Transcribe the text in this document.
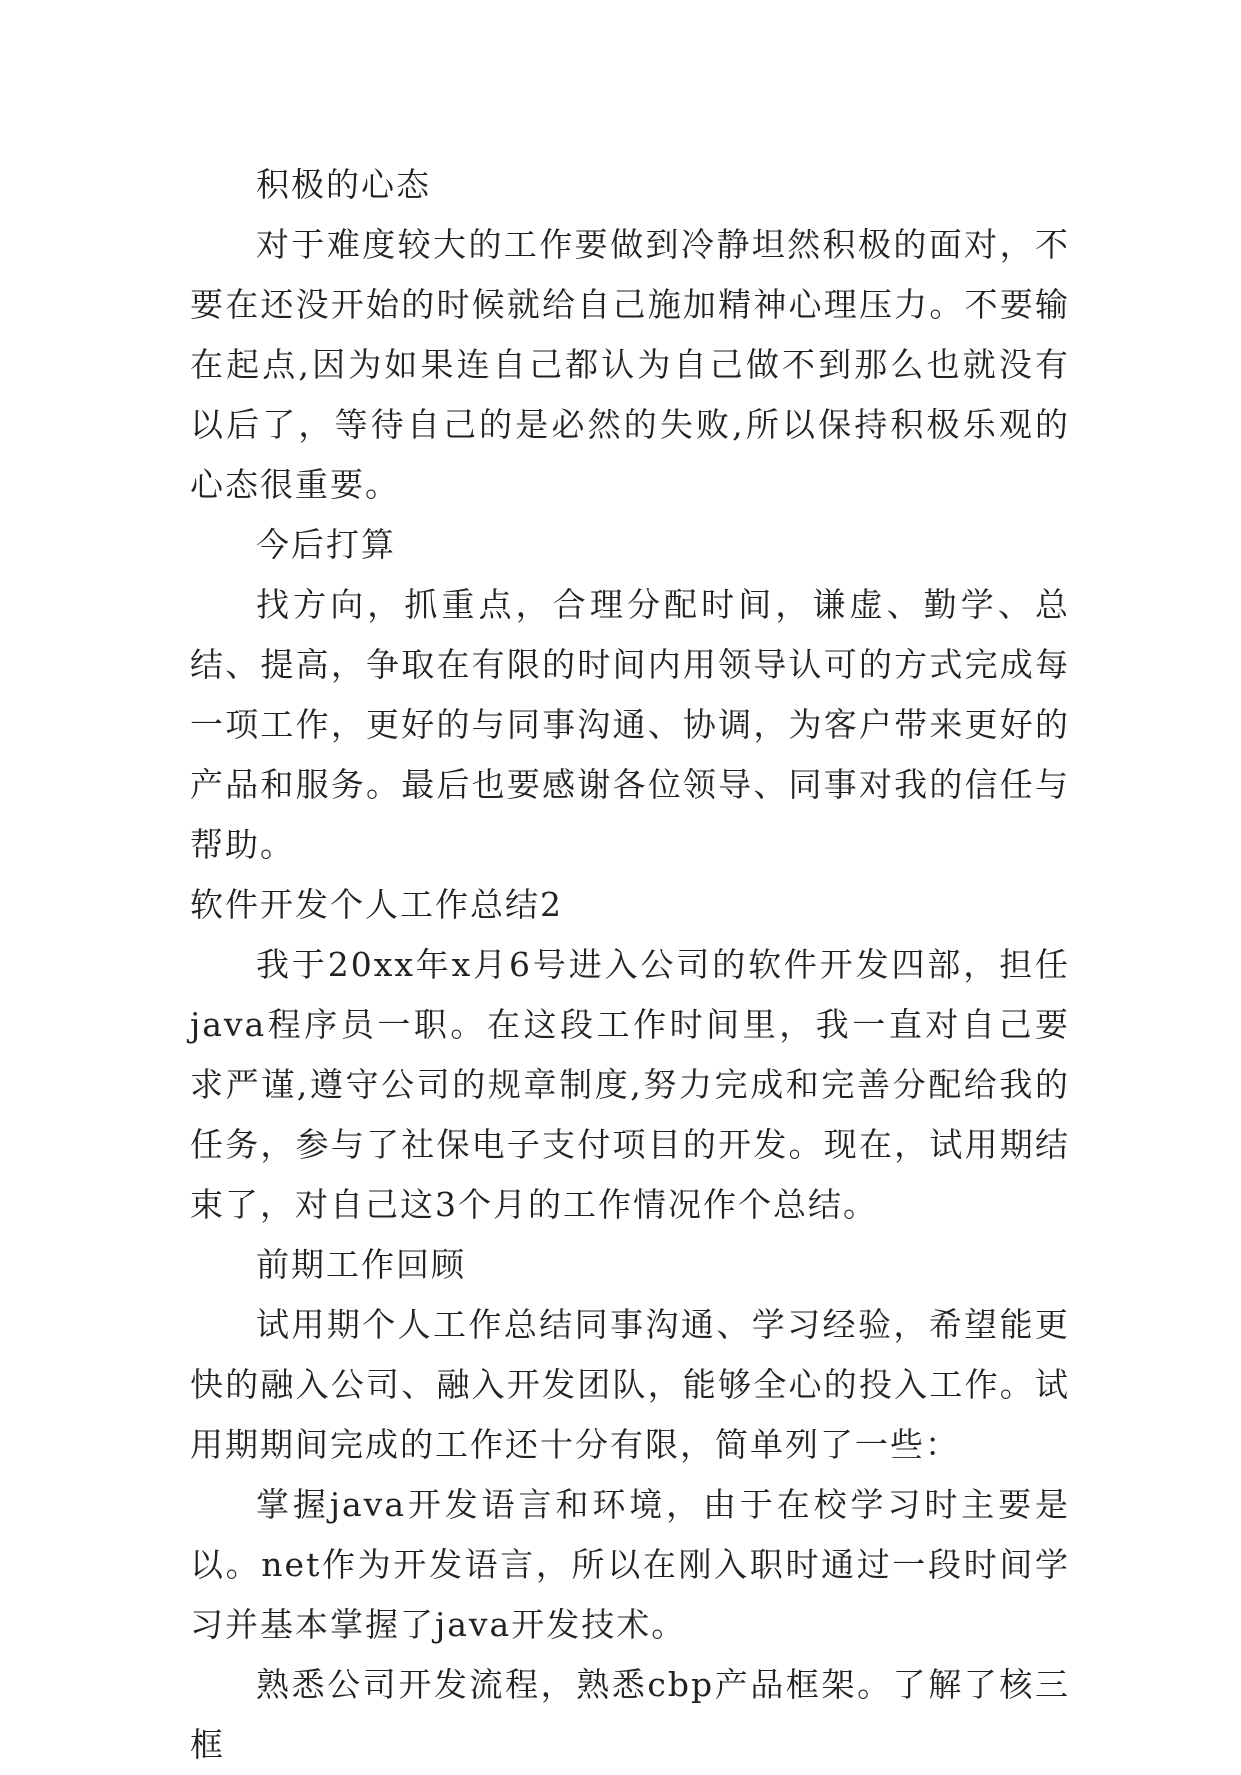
积极的心态

对于难度较大的工作要做到冷静坦然积极的面对，不要在还没开始的时候就给自己施加精神心理压力。不要输在起点,因为如果连自己都认为自己做不到那么也就没有以后了，等待自己的是必然的失败,所以保持积极乐观的心态很重要。

今后打算

找方向，抓重点，合理分配时间，谦虚、勤学、总结、提高，争取在有限的时间内用领导认可的方式完成每一项工作，更好的与同事沟通、协调，为客户带来更好的产品和服务。最后也要感谢各位领导、同事对我的信任与帮助。

软件开发个人工作总结2

我于20xx年x月6号进入公司的软件开发四部，担任java程序员一职。在这段工作时间里，我一直对自己要求严谨,遵守公司的规章制度,努力完成和完善分配给我的任务，参与了社保电子支付项目的开发。现在，试用期结束了，对自己这3个月的工作情况作个总结。

前期工作回顾

试用期个人工作总结同事沟通、学习经验，希望能更快的融入公司、融入开发团队，能够全心的投入工作。试用期期间完成的工作还十分有限，简单列了一些：

掌握java开发语言和环境，由于在校学习时主要是以。net作为开发语言，所以在刚入职时通过一段时间学习并基本掌握了java开发技术。

熟悉公司开发流程，熟悉cbp产品框架。了解了核三框
